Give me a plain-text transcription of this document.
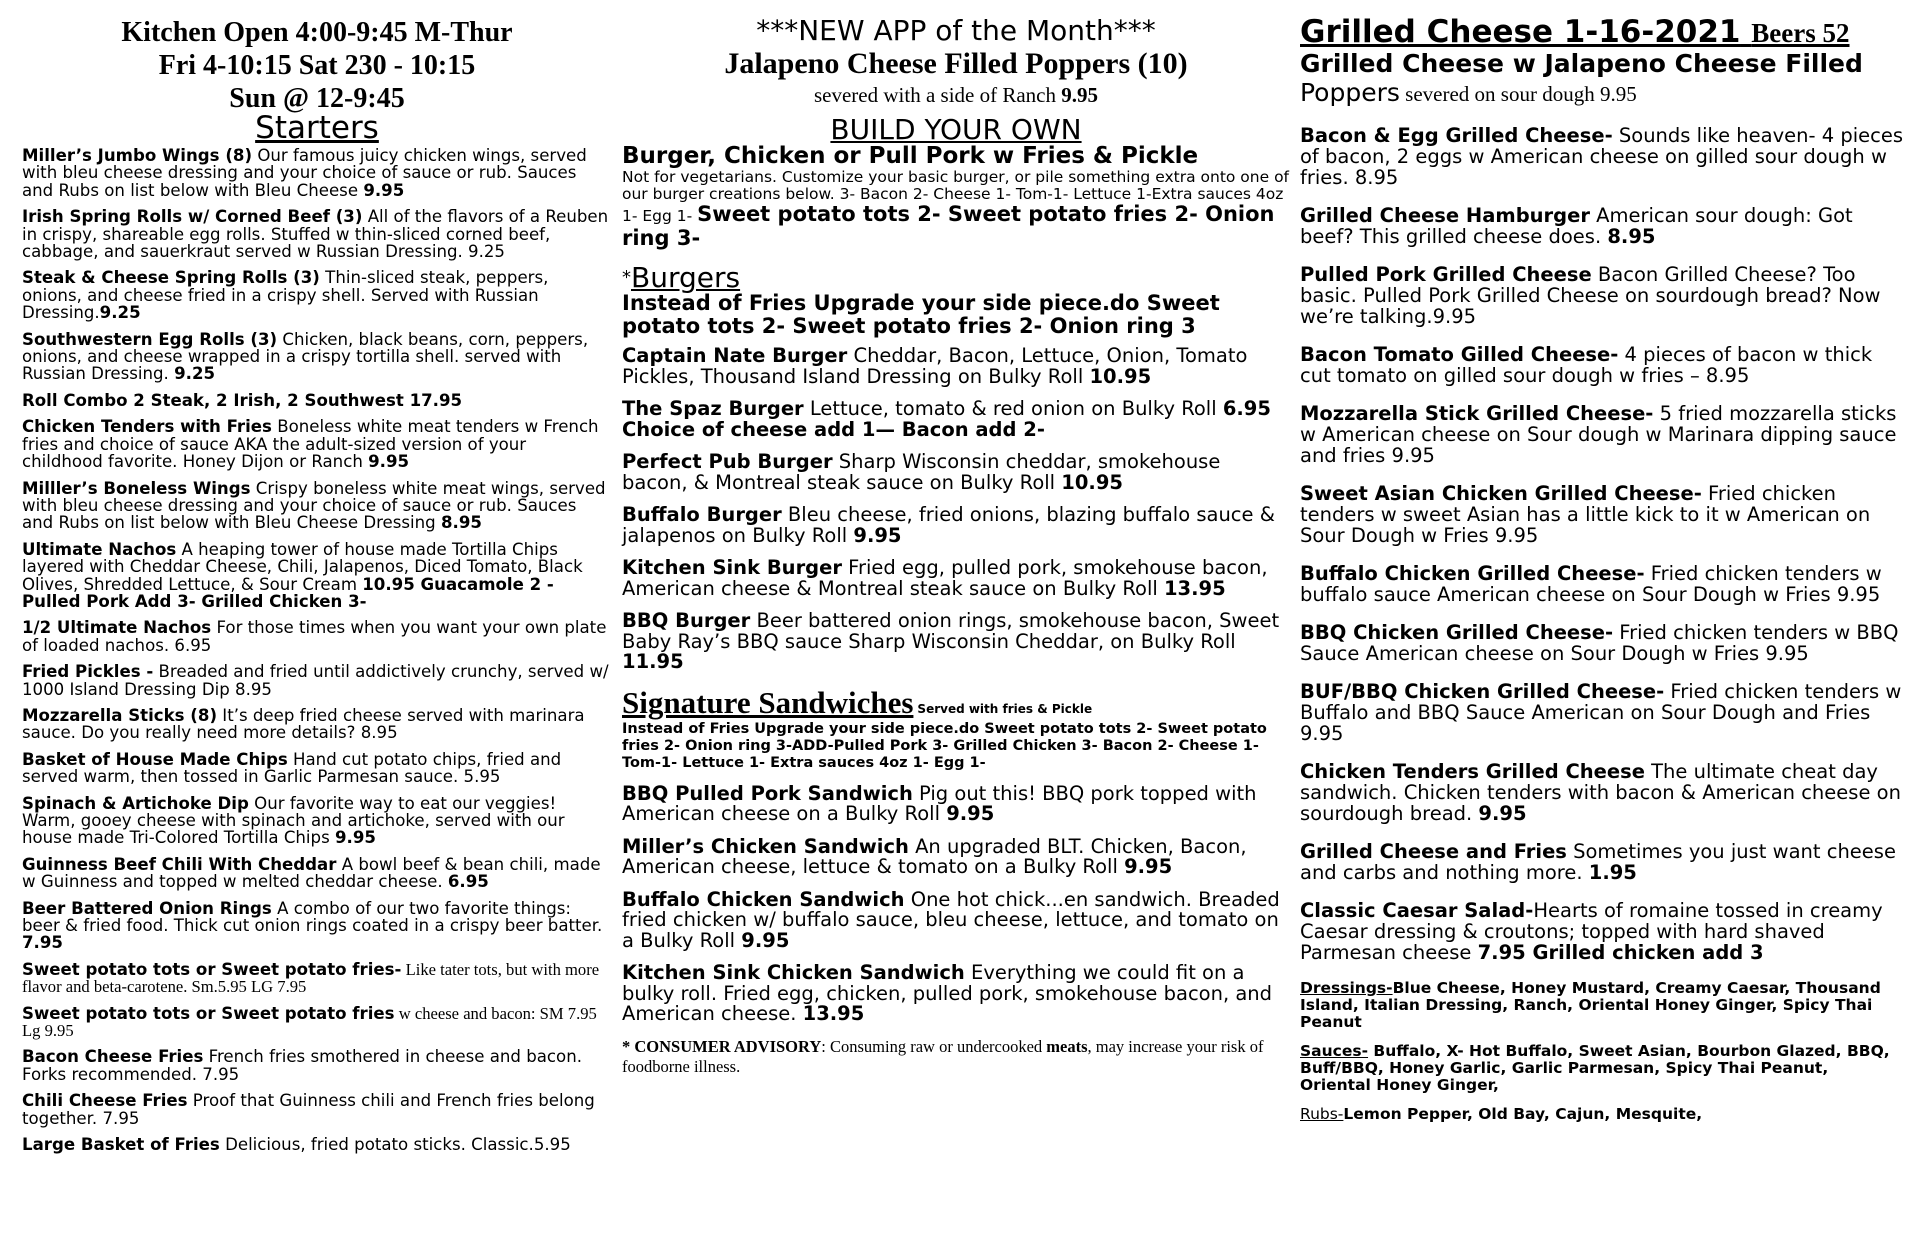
Kitchen Open 4:00-9:45 M-Thur

Fri 4-10:15 Sat 230 - 10:15

Sun @ 12-9:45

Starters

Miller’s Jumbo Wings (8) Our famous juicy chicken wings, served with bleu cheese dressing and your choice of sauce or rub. Sauces and Rubs on list below with Bleu Cheese 9.95

Irish Spring Rolls w/ Corned Beef (3) All of the flavors of a Reuben in crispy, shareable egg rolls. Stuffed w thin-sliced corned beef, cabbage, and sauerkraut served w Russian Dressing. 9.25

Steak & Cheese Spring Rolls (3) Thin-sliced steak, peppers, onions, and cheese fried in a crispy shell. Served with Russian Dressing.9.25

Southwestern Egg Rolls (3) Chicken, black beans, corn, peppers, onions, and cheese wrapped in a crispy tortilla shell. served with Russian Dressing. 9.25

Roll Combo 2 Steak, 2 Irish, 2 Southwest 17.95

Chicken Tenders with Fries Boneless white meat tenders w French fries and choice of sauce AKA the adult-sized version of your childhood favorite. Honey Dijon or Ranch 9.95

Milller’s Boneless Wings Crispy boneless white meat wings, served with bleu cheese dressing and your choice of sauce or rub. Sauces and Rubs on list below with Bleu Cheese Dressing 8.95

Ultimate Nachos A heaping tower of house made Tortilla Chips layered with Cheddar Cheese, Chili, Jalapenos, Diced Tomato, Black Olives, Shredded Lettuce, & Sour Cream 10.95 Guacamole 2 - Pulled Pork Add 3- Grilled Chicken 3-

1/2 Ultimate Nachos For those times when you want your own plate of loaded nachos. 6.95

Fried Pickles - Breaded and fried until addictively crunchy, served w/ 1000 Island Dressing Dip 8.95

Mozzarella Sticks (8) It’s deep fried cheese served with marinara sauce. Do you really need more details? 8.95

Basket of House Made Chips Hand cut potato chips, fried and served warm, then tossed in Garlic Parmesan sauce. 5.95

Spinach & Artichoke Dip Our favorite way to eat our veggies! Warm, gooey cheese with spinach and artichoke, served with our house made Tri-Colored Tortilla Chips 9.95

Guinness Beef Chili With Cheddar A bowl beef & bean chili, made w Guinness and topped w melted cheddar cheese. 6.95

Beer Battered Onion Rings A combo of our two favorite things: beer & fried food. Thick cut onion rings coated in a crispy beer batter. 7.95

Sweet potato tots or Sweet potato fries- Like tater tots, but with more flavor and beta-carotene. Sm.5.95 LG 7.95

Sweet potato tots or Sweet potato fries w cheese and bacon: SM 7.95 Lg 9.95

Bacon Cheese Fries French fries smothered in cheese and bacon. Forks recommended. 7.95

Chili Cheese Fries Proof that Guinness chili and French fries belong together. 7.95

Large Basket of Fries Delicious, fried potato sticks. Classic.5.95

***NEW APP of the Month***

Jalapeno Cheese Filled Poppers (10)

severed with a side of Ranch 9.95

BUILD YOUR OWN

Burger, Chicken or Pull Pork w Fries & Pickle

Not for vegetarians. Customize your basic burger, or pile something extra onto one of our burger creations below. 3- Bacon 2- Cheese 1- Tom-1- Lettuce 1-Extra sauces 4oz 1- Egg 1- Sweet potato tots 2- Sweet potato fries 2- Onion ring 3-

*Burgers

Instead of Fries Upgrade your side piece.do Sweet potato tots 2- Sweet potato fries 2- Onion ring 3

Captain Nate Burger Cheddar, Bacon, Lettuce, Onion, Tomato Pickles, Thousand Island Dressing on Bulky Roll 10.95

The Spaz Burger Lettuce, tomato & red onion on Bulky Roll 6.95 Choice of cheese add 1— Bacon add 2-

Perfect Pub Burger Sharp Wisconsin cheddar, smokehouse bacon, & Montreal steak sauce on Bulky Roll 10.95

Buffalo Burger Bleu cheese, fried onions, blazing buffalo sauce & jalapenos on Bulky Roll 9.95

Kitchen Sink Burger Fried egg, pulled pork, smokehouse bacon, American cheese & Montreal steak sauce on Bulky Roll 13.95

BBQ Burger Beer battered onion rings, smokehouse bacon, Sweet Baby Ray’s BBQ sauce Sharp Wisconsin Cheddar, on Bulky Roll 11.95

Signature Sandwiches Served with fries & Pickle

Instead of Fries Upgrade your side piece.do Sweet potato tots 2- Sweet potato fries 2- Onion ring 3-ADD-Pulled Pork 3- Grilled Chicken 3- Bacon 2- Cheese 1- Tom-1- Lettuce 1- Extra sauces 4oz 1- Egg 1-

BBQ Pulled Pork Sandwich Pig out this! BBQ pork topped with American cheese on a Bulky Roll 9.95

Miller’s Chicken Sandwich An upgraded BLT. Chicken, Bacon, American cheese, lettuce & tomato on a Bulky Roll 9.95

Buffalo Chicken Sandwich One hot chick...en sandwich. Breaded fried chicken w/ buffalo sauce, bleu cheese, lettuce, and tomato on a Bulky Roll 9.95

Kitchen Sink Chicken Sandwich Everything we could fit on a bulky roll. Fried egg, chicken, pulled pork, smokehouse bacon, and American cheese. 13.95

* CONSUMER ADVISORY: Consuming raw or undercooked meats, may increase your risk of foodborne illness.

Grilled Cheese 1-16-2021 Beers 52

Grilled Cheese w Jalapeno Cheese Filled

Poppers severed on sour dough 9.95

Bacon & Egg Grilled Cheese- Sounds like heaven- 4 pieces of bacon, 2 eggs w American cheese on gilled sour dough w fries. 8.95

Grilled Cheese Hamburger American sour dough: Got beef? This grilled cheese does. 8.95

Pulled Pork Grilled Cheese Bacon Grilled Cheese? Too basic. Pulled Pork Grilled Cheese on sourdough bread? Now we’re talking.9.95

Bacon Tomato Gilled Cheese- 4 pieces of bacon w thick cut tomato on gilled sour dough w fries – 8.95

Mozzarella Stick Grilled Cheese- 5 fried mozzarella sticks w American cheese on Sour dough w Marinara dipping sauce and fries 9.95

Sweet Asian Chicken Grilled Cheese- Fried chicken tenders w sweet Asian has a little kick to it w American on Sour Dough w Fries 9.95

Buffalo Chicken Grilled Cheese- Fried chicken tenders w buffalo sauce American cheese on Sour Dough w Fries 9.95

BBQ Chicken Grilled Cheese- Fried chicken tenders w BBQ Sauce American cheese on Sour Dough w Fries 9.95

BUF/BBQ Chicken Grilled Cheese- Fried chicken tenders w Buffalo and BBQ Sauce American on Sour Dough and Fries 9.95

Chicken Tenders Grilled Cheese The ultimate cheat day sandwich. Chicken tenders with bacon & American cheese on sourdough bread. 9.95

Grilled Cheese and Fries Sometimes you just want cheese and carbs and nothing more. 1.95

Classic Caesar Salad-Hearts of romaine tossed in creamy Caesar dressing & croutons; topped with hard shaved Parmesan cheese 7.95 Grilled chicken add 3

Dressings-Blue Cheese, Honey Mustard, Creamy Caesar, Thousand Island, Italian Dressing, Ranch, Oriental Honey Ginger, Spicy Thai Peanut

Sauces- Buffalo, X- Hot Buffalo, Sweet Asian, Bourbon Glazed, BBQ, Buff/BBQ, Honey Garlic, Garlic Parmesan, Spicy Thai Peanut, Oriental Honey Ginger,

Rubs-Lemon Pepper, Old Bay, Cajun, Mesquite,
